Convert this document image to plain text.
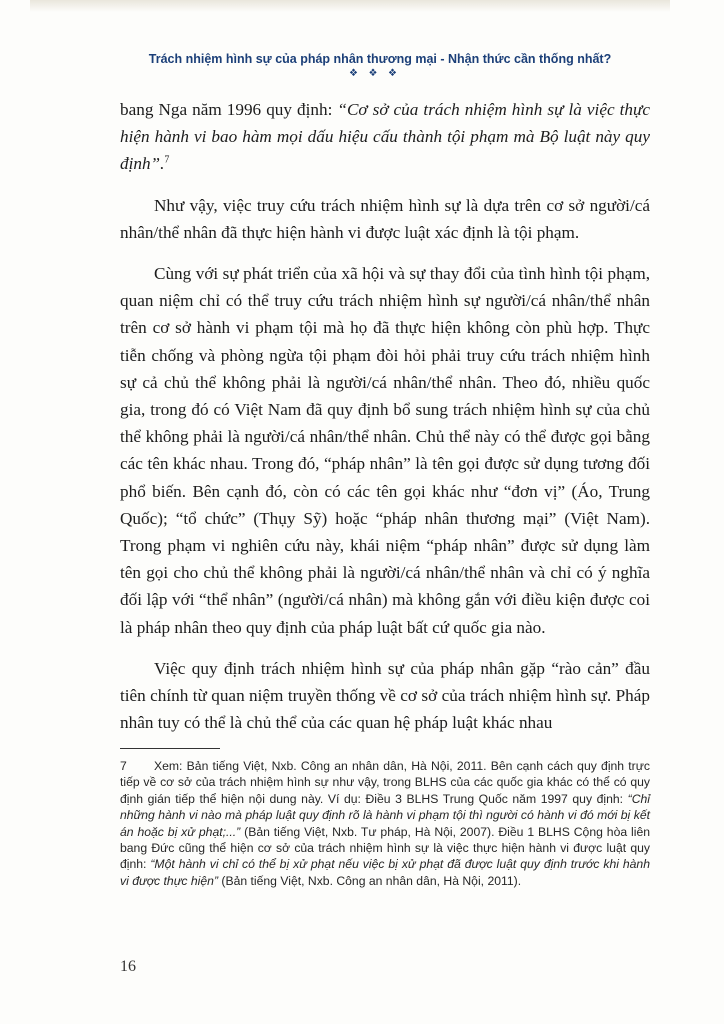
Trách nhiệm hình sự của pháp nhân thương mại - Nhận thức cần thống nhất?
❖ ❖ ❖

bang Nga năm 1996 quy định: “Cơ sở của trách nhiệm hình sự là việc thực hiện hành vi bao hàm mọi dấu hiệu cấu thành tội phạm mà Bộ luật này quy định”.$^7$

Như vậy, việc truy cứu trách nhiệm hình sự là dựa trên cơ sở người/cá nhân/thể nhân đã thực hiện hành vi được luật xác định là tội phạm.

Cùng với sự phát triển của xã hội và sự thay đổi của tình hình tội phạm, quan niệm chỉ có thể truy cứu trách nhiệm hình sự người/cá nhân/thể nhân trên cơ sở hành vi phạm tội mà họ đã thực hiện không còn phù hợp. Thực tiễn chống và phòng ngừa tội phạm đòi hỏi phải truy cứu trách nhiệm hình sự cả chủ thể không phải là người/cá nhân/thể nhân. Theo đó, nhiều quốc gia, trong đó có Việt Nam đã quy định bổ sung trách nhiệm hình sự của chủ thể không phải là người/cá nhân/thể nhân. Chủ thể này có thể được gọi bằng các tên khác nhau. Trong đó, “pháp nhân” là tên gọi được sử dụng tương đối phổ biến. Bên cạnh đó, còn có các tên gọi khác như “đơn vị” (Áo, Trung Quốc); “tổ chức” (Thụy Sỹ) hoặc “pháp nhân thương mại” (Việt Nam). Trong phạm vi nghiên cứu này, khái niệm “pháp nhân” được sử dụng làm tên gọi cho chủ thể không phải là người/cá nhân/thể nhân và chỉ có ý nghĩa đối lập với “thể nhân” (người/cá nhân) mà không gắn với điều kiện được coi là pháp nhân theo quy định của pháp luật bất cứ quốc gia nào.

Việc quy định trách nhiệm hình sự của pháp nhân gặp “rào cản” đầu tiên chính từ quan niệm truyền thống về cơ sở của trách nhiệm hình sự. Pháp nhân tuy có thể là chủ thể của các quan hệ pháp luật khác nhau

7 Xem: Bản tiếng Việt, Nxb. Công an nhân dân, Hà Nội, 2011. Bên cạnh cách quy định trực tiếp về cơ sở của trách nhiệm hình sự như vậy, trong BLHS của các quốc gia khác có thể có quy định gián tiếp thể hiện nội dung này. Ví dụ: Điều 3 BLHS Trung Quốc năm 1997 quy định: “Chỉ những hành vi nào mà pháp luật quy định rõ là hành vi phạm tội thì người có hành vi đó mới bị kết án hoặc bị xử phạt;...” (Bản tiếng Việt, Nxb. Tư pháp, Hà Nội, 2007). Điều 1 BLHS Cộng hòa liên bang Đức cũng thể hiện cơ sở của trách nhiệm hình sự là việc thực hiện hành vi được luật quy định: “Một hành vi chỉ có thể bị xử phạt nếu việc bị xử phạt đã được luật quy định trước khi hành vi được thực hiện” (Bản tiếng Việt, Nxb. Công an nhân dân, Hà Nội, 2011).
16
